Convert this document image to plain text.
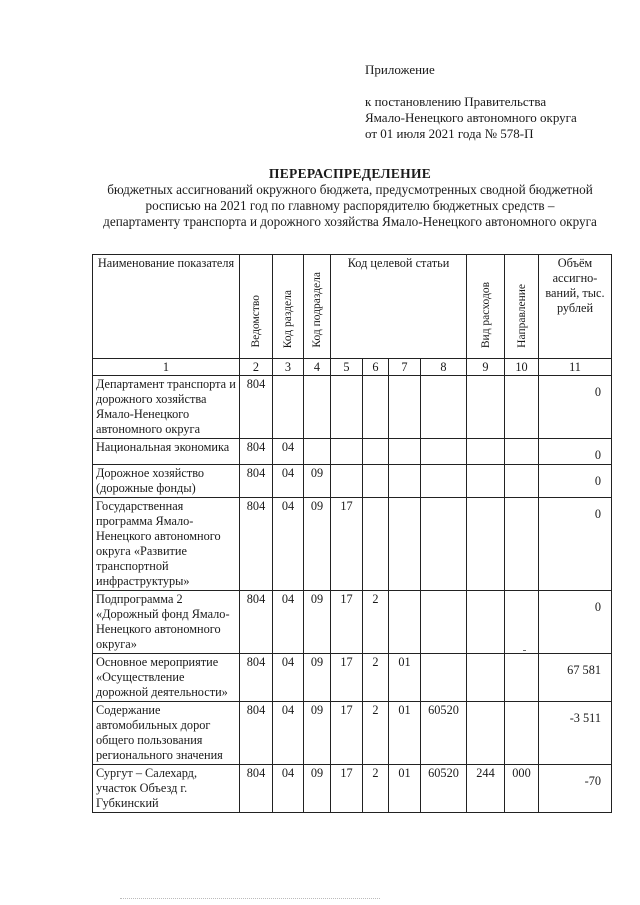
Приложение
к постановлению Правительства
Ямало-Ненецкого автономного округа
от 01 июля 2021 года № 578-П
ПЕРЕРАСПРЕДЕЛЕНИЕ
бюджетных ассигнований окружного бюджета, предусмотренных сводной бюджетной
росписью на 2021 год по главному распорядителю бюджетных средств –
департаменту транспорта и дорожного хозяйства Ямало-Ненецкого автономного округа
Наименование показателя	Ведомство	Код раздела	Код подраздела	Код целевой статьи				Вид расходов	Направление	Объём ассигно-ваний, тыс. рублей
1	2	3	4	5	6	7	8	9	10	11
Департамент транспорта и дорожного хозяйства Ямало-Ненецкого автономного округа	804									0
Национальная экономика	804	04								0
Дорожное хозяйство (дорожные фонды)	804	04	09							0
Государственная программа Ямало-Ненецкого автономного округа «Развитие транспортной инфраструктуры»	804	04	09	17						0
Подпрограмма 2 «Дорожный фонд Ямало-Ненецкого автономного округа»	804	04	09	17	2					0
Основное мероприятие «Осуществление дорожной деятельности»	804	04	09	17	2	01				67 581
Содержание автомобильных дорог общего пользования регионального значения	804	04	09	17	2	01	60520			-3 511
Сургут – Салехард, участок Объезд г. Губкинский	804	04	09	17	2	01	60520	244	000	-70
